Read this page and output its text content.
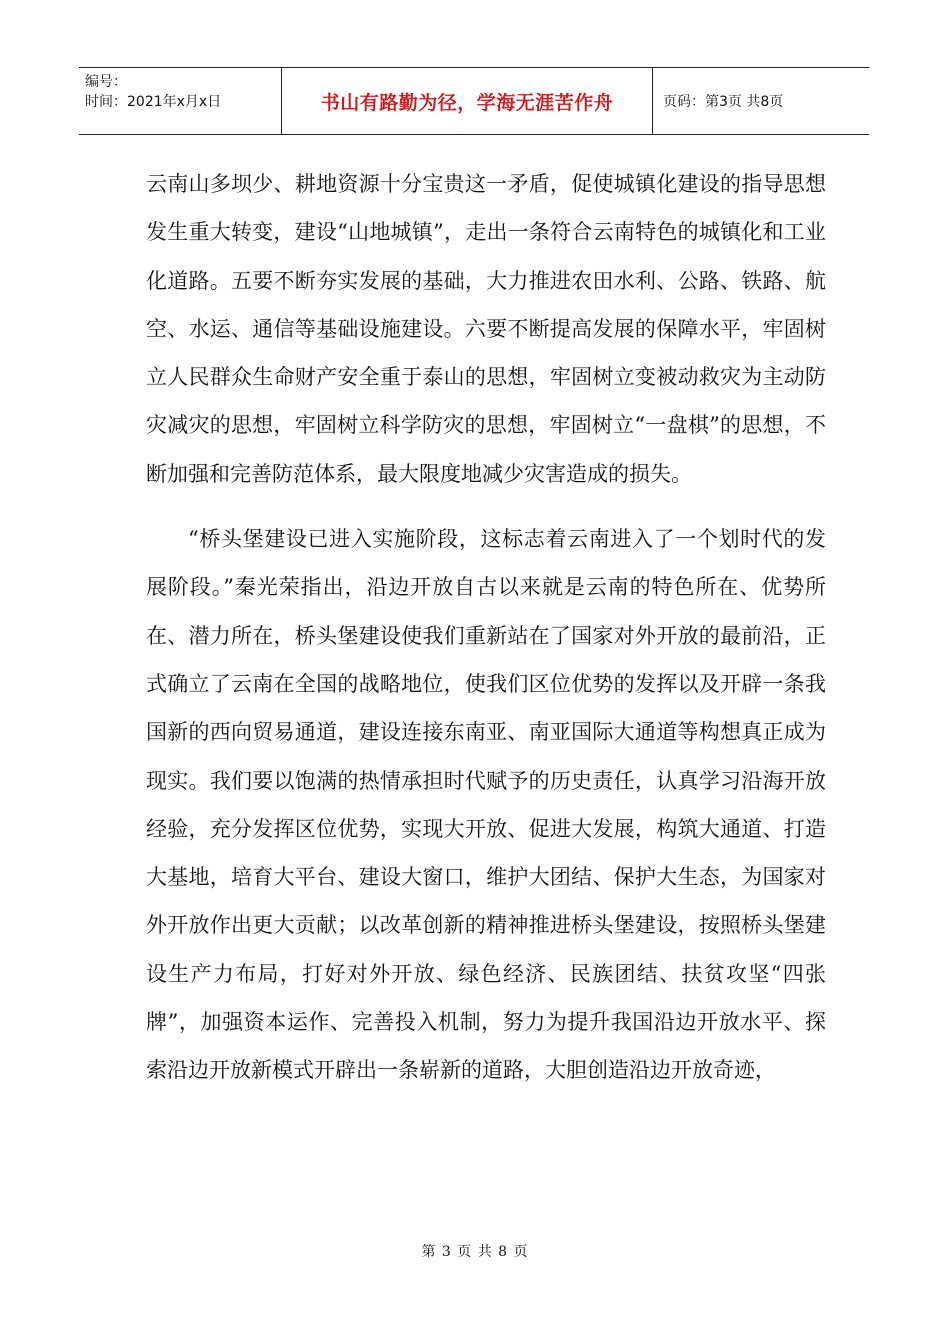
编号：
时间：2021年x月x日	书山有路勤为径，学海无涯苦作舟	页码：第3页 共8页

云南山多坝少、耕地资源十分宝贵这一矛盾，促使城镇化建设的指导思想发生重大转变，建设“山地城镇”，走出一条符合云南特色的城镇化和工业化道路。五要不断夯实发展的基础，大力推进农田水利、公路、铁路、航空、水运、通信等基础设施建设。六要不断提高发展的保障水平，牢固树立人民群众生命财产安全重于泰山的思想，牢固树立变被动救灾为主动防灾减灾的思想，牢固树立科学防灾的思想，牢固树立“一盘棋”的思想，不断加强和完善防范体系，最大限度地减少灾害造成的损失。

“桥头堡建设已进入实施阶段，这标志着云南进入了一个划时代的发展阶段。”秦光荣指出，沿边开放自古以来就是云南的特色所在、优势所在、潜力所在，桥头堡建设使我们重新站在了国家对外开放的最前沿，正式确立了云南在全国的战略地位，使我们区位优势的发挥以及开辟一条我国新的西向贸易通道，建设连接东南亚、南亚国际大通道等构想真正成为现实。我们要以饱满的热情承担时代赋予的历史责任，认真学习沿海开放经验，充分发挥区位优势，实现大开放、促进大发展，构筑大通道、打造大基地，培育大平台、建设大窗口，维护大团结、保护大生态，为国家对外开放作出更大贡献；以改革创新的精神推进桥头堡建设，按照桥头堡建设生产力布局，打好对外开放、绿色经济、民族团结、扶贫攻坚“四张牌”，加强资本运作、完善投入机制，努力为提升我国沿边开放水平、探索沿边开放新模式开辟出一条崭新的道路，大胆创造沿边开放奇迹，

第 3 页 共 8 页
